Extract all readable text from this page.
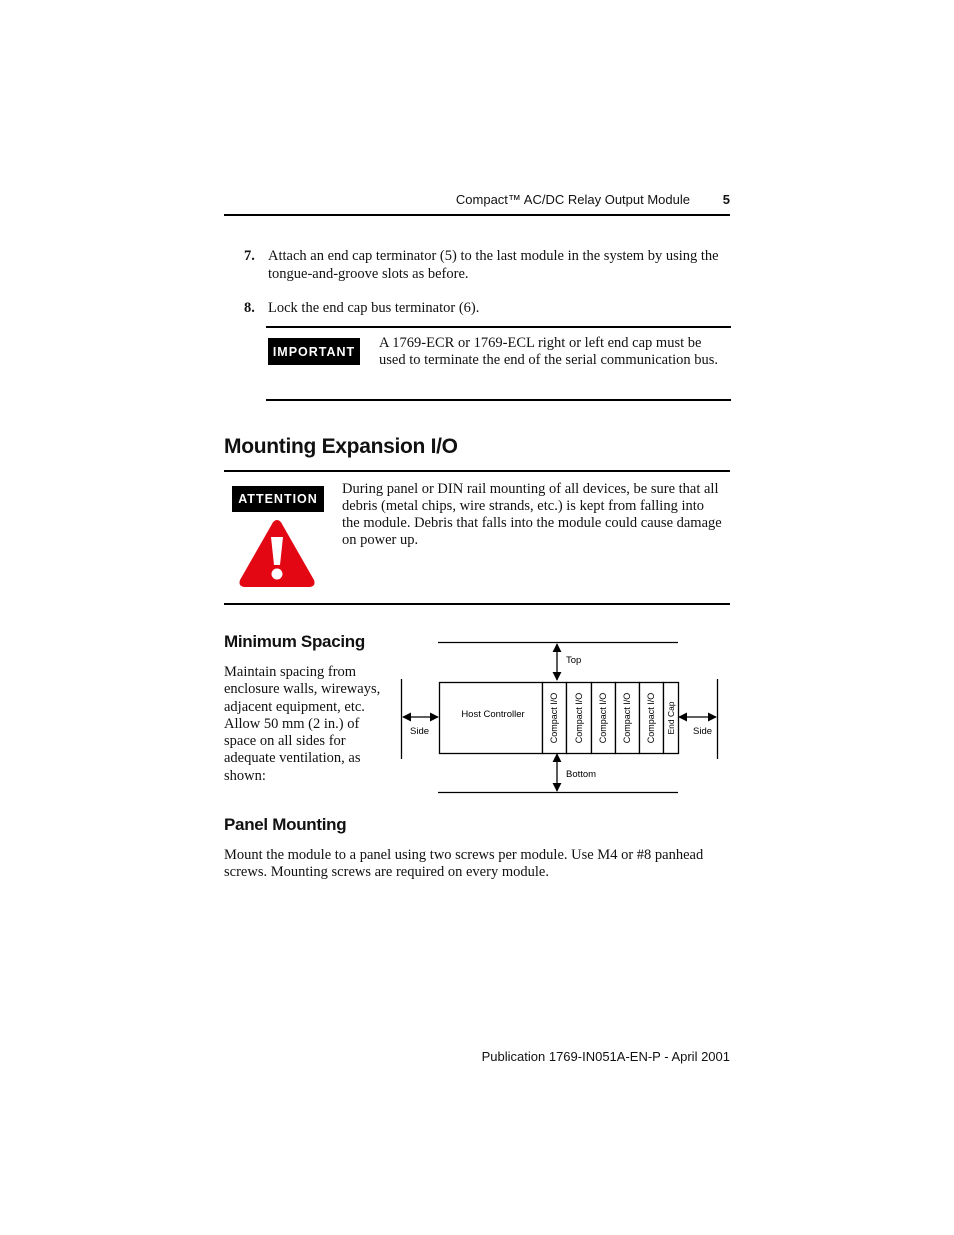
Compact™ AC/DC Relay Output Module	5
7. Attach an end cap terminator (5) to the last module in the system by using the tongue-and-groove slots as before.
8. Lock the end cap bus terminator (6).
IMPORTANT
A 1769-ECR or 1769-ECL right or left end cap must be used to terminate the end of the serial communication bus.
Mounting Expansion I/O
ATTENTION
During panel or DIN rail mounting of all devices, be sure that all debris (metal chips, wire strands, etc.) is kept from falling into the module. Debris that falls into the module could cause damage on power up.
Minimum Spacing
Maintain spacing from enclosure walls, wireways, adjacent equipment, etc. Allow 50 mm (2 in.) of space on all sides for adequate ventilation, as shown:
Top
Bottom
Side	Side
Host Controller	Compact I/O Compact I/O Compact I/O Compact I/O Compact I/O End Cap
Panel Mounting
Mount the module to a panel using two screws per module. Use M4 or #8 panhead screws. Mounting screws are required on every module.
Publication 1769-IN051A-EN-P - April 2001
